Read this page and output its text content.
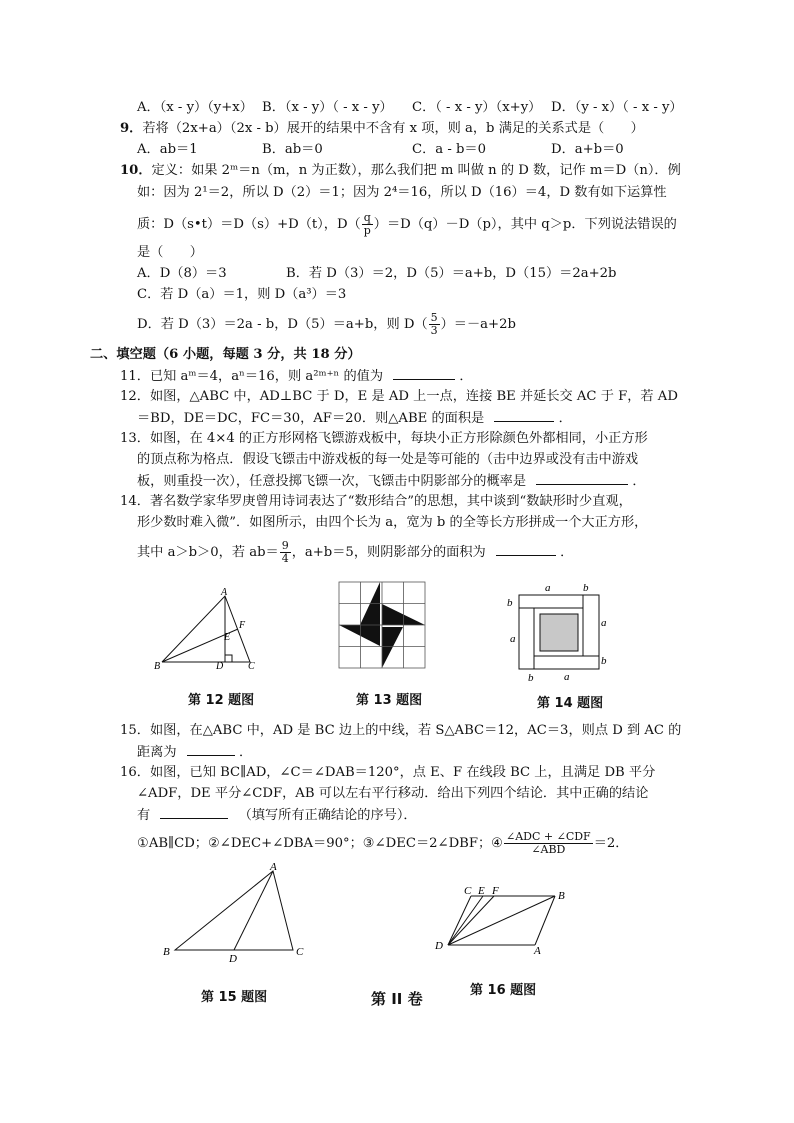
A．（x - y）（y+x） B．（x - y）（ - x - y） C．（ - x - y）（x+y） D．（y - x）（ - x - y）
9．若将（2x+a）（2x - b）展开的结果中不含有 x 项，则 a，b 满足的关系式是（　　）
A．ab＝1	B．ab＝0	C．a - b＝0	D．a+b＝0
10．定义：如果 2ᵐ＝n（m，n 为正数），那么我们把 m 叫做 n 的 D 数，记作 m＝D（n）．例
如：因为 2¹＝2，所以 D（2）＝1；因为 2⁴＝16，所以 D（16）＝4，D 数有如下运算性
质：D（s•t）＝D（s）+D（t），$D( \frac{q}{p} )=D(q)-D(p)$，其中 q＞p．下列说法错误的
是（　　）
A．D（8）＝3	B．若 D（3）＝2，D（5）＝a+b，D（15）＝2a+2b
C．若 D（a）＝1，则 D（a³）＝3
D．若 D（3）＝2a - b，D（5）＝a+b，则 $D( \frac{5}{3} )=-a+2b$
二、填空题（6 小题，每题 3 分，共 18 分）
11．已知 aᵐ＝4，aⁿ＝16，则 a²ᵐ⁺ⁿ 的值为	．
12．如图，△ABC 中，AD⊥BC 于 D，E 是 AD 上一点，连接 BE 并延长交 AC 于 F，若 AD
＝BD，DE＝DC，FC＝30，AF＝20．则△ABE 的面积是	．
13．如图，在 4×4 的正方形网格飞镖游戏板中，每块小正方形除颜色外都相同，小正方形
的顶点称为格点．假设飞镖击中游戏板的每一处是等可能的（击中边界或没有击中游戏
板，则重投一次），任意投掷飞镖一次，飞镖击中阴影部分的概率是	．
14．著名数学家华罗庚曾用诗词表达了“数形结合”的思想，其中谈到“数缺形时少直观，
形少数时难入微”．如图所示，由四个长为 a，宽为 b 的全等长方形拼成一个大正方形，
其中 a＞b＞0，若 $ab= \frac{9}{4}$ ，a+b＝5，则阴影部分的面积为	．
A
F
E
B	D C
第 12 题图	第 13 题图
a	b
b
a
a
b
b	a
第 14 题图
15．如图，在△ABC 中，AD 是 BC 边上的中线，若 S△ABC＝12，AC＝3，则点 D 到 AC 的
距离为	．
16．如图，已知 BC∥AD，∠C＝∠DAB＝120°，点 E、F 在线段 BC 上，且满足 DB 平分
∠ADF，DE 平分∠CDF，AB 可以左右平行移动．给出下列四个结论．其中正确的结论
有	（填写所有正确结论的序号）．
①AB∥CD；②∠DEC+∠DBA＝90°；③∠DEC＝2∠DBF；④ $\frac{\text{∠ADC + ∠CDF}}{\text{∠ABD}} =2$．
A
B
D
C
第 15 题图	第 II 卷
C E F	B
D	A
第 16 题图
